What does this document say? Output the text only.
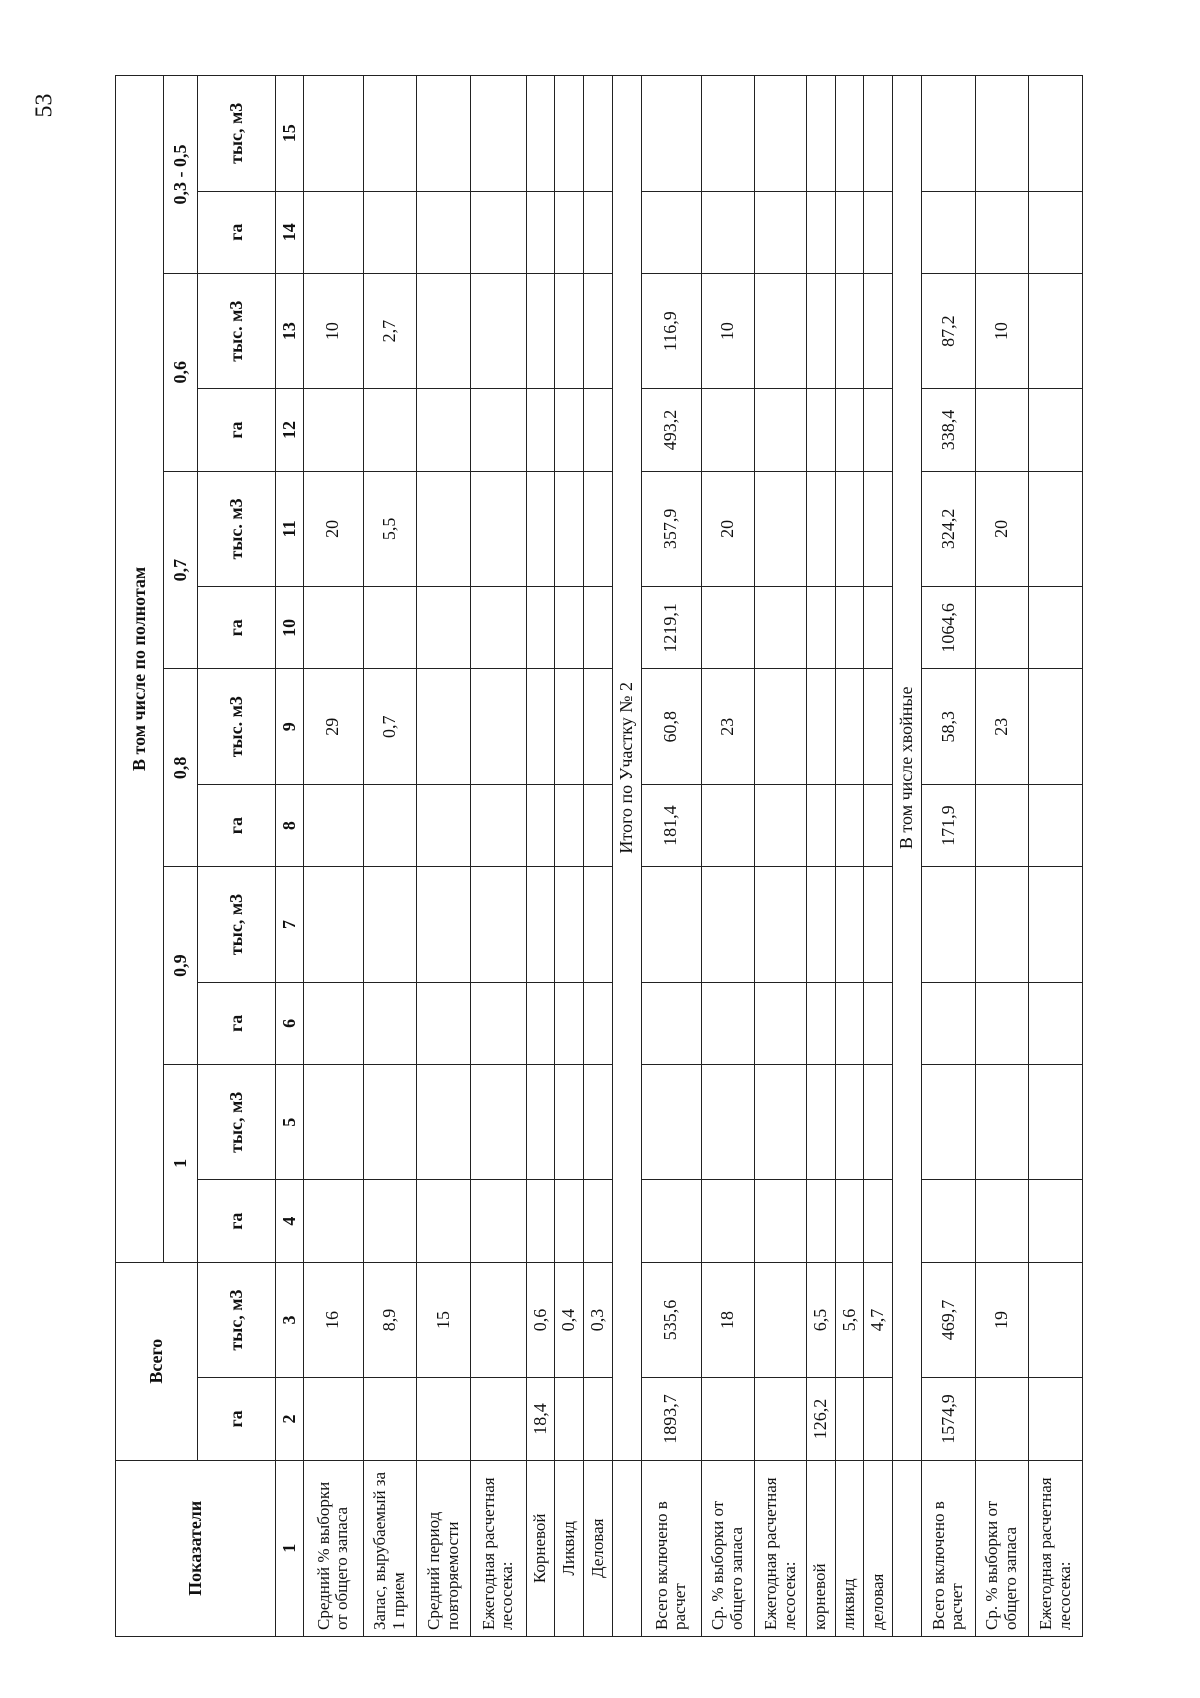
53
Показатели	Всего		В том числе по полнотам											
			1		0,9		0,8		0,7		0,6		0,3 - 0,5	
	га	тыс, м3	га	тыс, м3	га	тыс, м3	га	тыс. м3	га	тыс. м3	га	тыс. м3	га	тыс, м3
1	2	3	4	5	6	7	8	9	10	11	12	13	14	15
Средний % выборки от общего запаса		16						29		20		10		
Запас, вырубаемый за 1 прием		8,9						0,7		5,5		2,7		
Средний период повторяемости		15												
Ежегодная расчетная лесосека:														
Корневой	18,4	0,6												
Ликвид		0,4												
Деловая		0,3												
	Итого по Участку № 2													
Всего включено в расчет	1893,7	535,6					181,4	60,8	1219,1	357,9	493,2	116,9		
Ср. % выборки от общего запаса		18						23		20		10		
Ежегодная расчетная лесосека:														
корневой	126,2	6,5												
ликвид		5,6												
деловая		4,7												
	В том числе хвойные													
Всего включено в расчет	1574,9	469,7					171,9	58,3	1064,6	324,2	338,4	87,2		
Ср. % выборки от общего запаса		19						23		20		10		
Ежегодная расчетная лесосека:														
